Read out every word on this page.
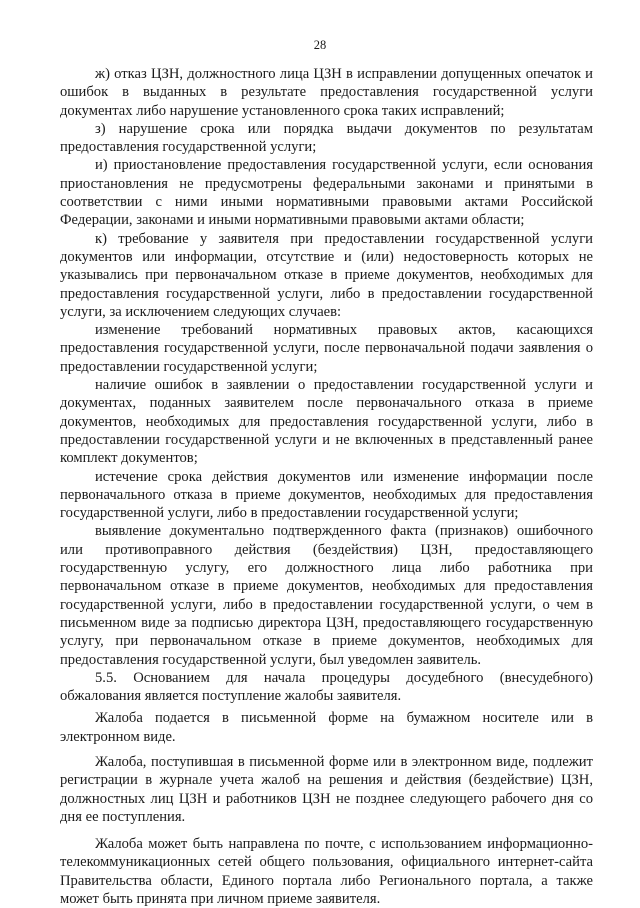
28

ж) отказ ЦЗН, должностного лица ЦЗН в исправлении допущенных опечаток и ошибок в выданных в результате предоставления государственной услуги документах либо нарушение установленного срока таких исправлений;

з) нарушение срока или порядка выдачи документов по результатам предоставления государственной услуги;

и) приостановление предоставления государственной услуги, если основания приостановления не предусмотрены федеральными законами и принятыми в соответствии с ними иными нормативными правовыми актами Российской Федерации, законами и иными нормативными правовыми актами области;

к) требование у заявителя при предоставлении государственной услуги документов или информации, отсутствие и (или) недостоверность которых не указывались при первоначальном отказе в приеме документов, необходимых для предоставления государственной услуги, либо в предоставлении государственной услуги, за исключением следующих случаев:

изменение требований нормативных правовых актов, касающихся предоставления государственной услуги, после первоначальной подачи заявления о предоставлении государственной услуги;

наличие ошибок в заявлении о предоставлении государственной услуги и документах, поданных заявителем после первоначального отказа в приеме документов, необходимых для предоставления государственной услуги, либо в предоставлении государственной услуги и не включенных в представленный ранее комплект документов;

истечение срока действия документов или изменение информации после первоначального отказа в приеме документов, необходимых для предоставления государственной услуги, либо в предоставлении государственной услуги;

выявление документально подтвержденного факта (признаков) ошибочного или противоправного действия (бездействия) ЦЗН, предоставляющего государственную услугу, его должностного лица либо работника при первоначальном отказе в приеме документов, необходимых для предоставления государственной услуги, либо в предоставлении государственной услуги, о чем в письменном виде за подписью директора ЦЗН, предоставляющего государственную услугу, при первоначальном отказе в приеме документов, необходимых для предоставления государственной услуги, был уведомлен заявитель.

5.5. Основанием для начала процедуры досудебного (внесудебного) обжалования является поступление жалобы заявителя.

Жалоба подается в письменной форме на бумажном носителе или в электронном виде.

Жалоба, поступившая в письменной форме или в электронном виде, подлежит регистрации в журнале учета жалоб на решения и действия (бездействие) ЦЗН, должностных лиц ЦЗН и работников ЦЗН не позднее следующего рабочего дня со дня ее поступления.

Жалоба может быть направлена по почте, с использованием информационно-телекоммуникационных сетей общего пользования, официального интернет-сайта Правительства области, Единого портала либо Регионального портала, а также может быть принята при личном приеме заявителя.
